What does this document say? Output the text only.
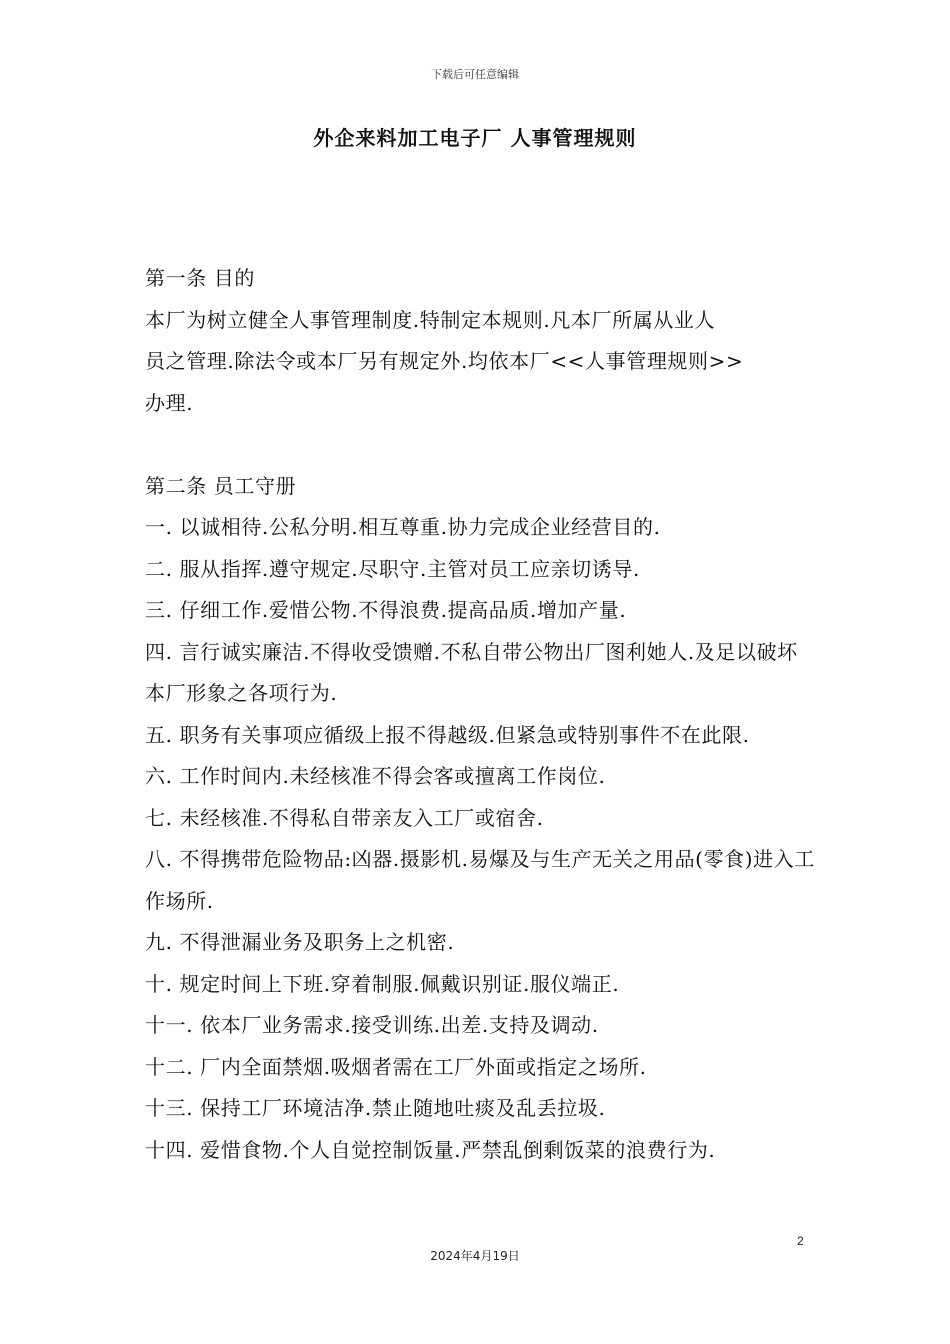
下载后可任意编辑
外企来料加工电子厂 人事管理规则
第一条 目的
本厂为树立健全人事管理制度.特制定本规则.凡本厂所属从业人
员之管理.除法令或本厂另有规定外.均依本厂<<人事管理规则>>
办理.
第二条 员工守册
一. 以诚相待.公私分明.相互尊重.协力完成企业经营目的.
二. 服从指挥.遵守规定.尽职守.主管对员工应亲切诱导.
三. 仔细工作.爱惜公物.不得浪费.提高品质.增加产量.
四. 言行诚实廉洁.不得收受馈赠.不私自带公物出厂图利她人.及足以破坏 本厂形象之各项行为.
五. 职务有关事项应循级上报不得越级.但紧急或特别事件不在此限.
六. 工作时间内.未经核准不得会客或擅离工作岗位.
七. 未经核准.不得私自带亲友入工厂或宿舍.
八. 不得携带危险物品:凶器.摄影机.易爆及与生产无关之用品(零食)进入工作场所.
九. 不得泄漏业务及职务上之机密.
十. 规定时间上下班.穿着制服.佩戴识别证.服仪端正.
十一. 依本厂业务需求.接受训练.出差.支持及调动.
十二. 厂内全面禁烟.吸烟者需在工厂外面或指定之场所.
十三. 保持工厂环境洁净.禁止随地吐痰及乱丢拉圾.
十四. 爱惜食物.个人自觉控制饭量.严禁乱倒剩饭菜的浪费行为.
2
2024年4月19日
